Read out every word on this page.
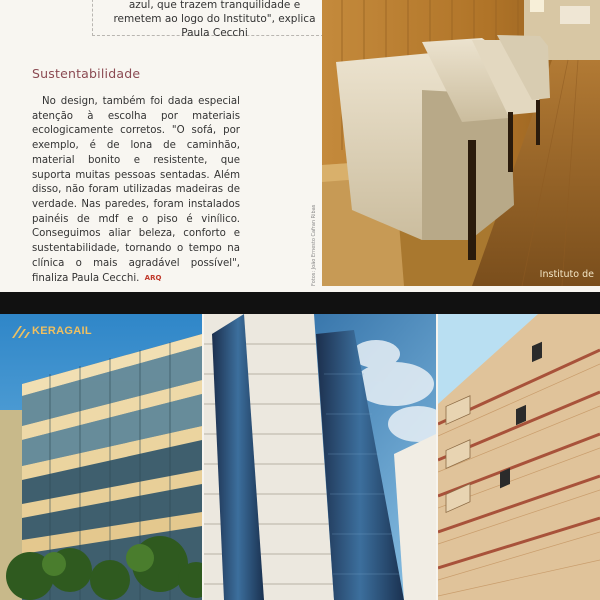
azul, que trazem tranquilidade e remetem ao logo do Instituto", explica Paula Cecchi

Sustentabilidade

No design, também foi dada especial atenção à escolha por materiais ecologicamente corretos. "O sofá, por exemplo, é de lona de caminhão, material bonito e resistente, que suporta muitas pessoas sentadas. Além disso, não foram utilizadas madeiras de verdade. Nas paredes, foram instalados painéis de mdf e o piso é vinílico. Conseguimos aliar beleza, conforto e sustentabilidade, tornando o tempo na clínica o mais agradável possível", finaliza Paula Cecchi. ARQ	Fotos: João Ernesto Cafran Ribas	Instituto de
KERAGAIL
